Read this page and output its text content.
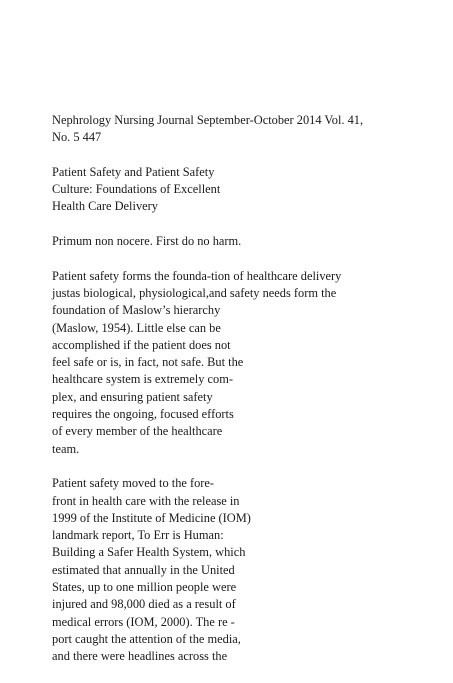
Nephrology Nursing Journal September-October 2014 Vol. 41,
No. 5 447
Patient Safety and Patient Safety
Culture: Foundations of Excellent
Health Care Delivery
Primum non nocere. First do no harm.
Patient safety forms the founda-tion of healthcare delivery
justas biological, physiological,and safety needs form the
foundation of Maslow’s hierarchy
(Maslow, 1954). Little else can be
accomplished if the patient does not
feel safe or is, in fact, not safe. But the
healthcare system is extremely com-
plex, and ensuring patient safety
requires the ongoing, focused efforts
of every member of the healthcare
team.
Patient safety moved to the fore-
front in health care with the release in
1999 of the Institute of Medicine (IOM)
landmark report, To Err is Human:
Building a Safer Health System, which
estimated that annually in the United
States, up to one million people were
injured and 98,000 died as a result of
medical errors (IOM, 2000). The re -
port caught the attention of the media,
and there were headlines across the
